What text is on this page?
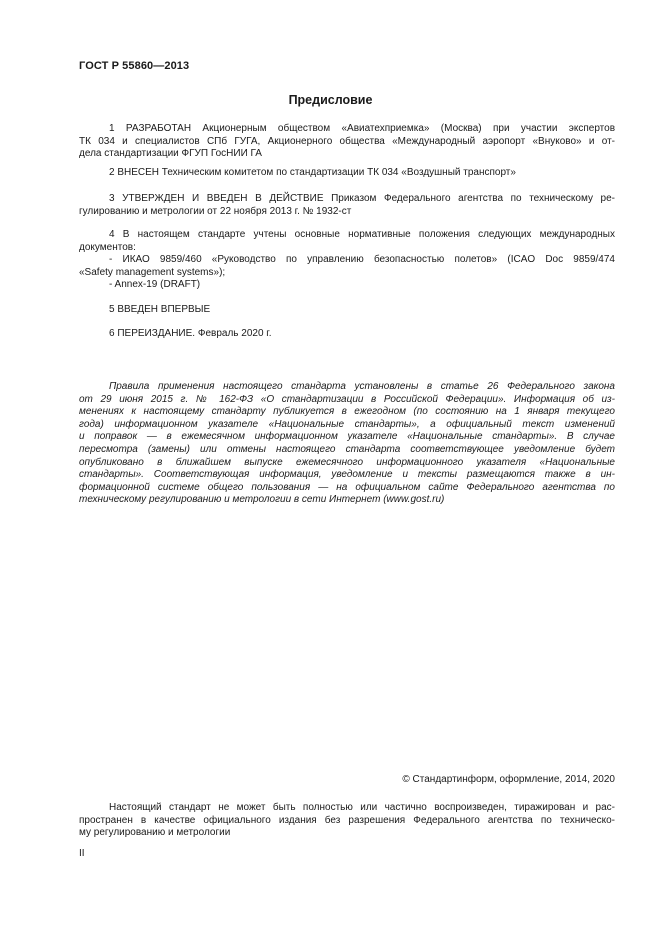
ГОСТ Р 55860—2013
Предисловие
1 РАЗРАБОТАН Акционерным обществом «Авиатехприемка» (Москва) при участии экспертов
ТК 034 и специалистов СПб ГУГА, Акционерного общества «Международный аэропорт «Внуково» и от-
дела стандартизации ФГУП ГосНИИ ГА
2 ВНЕСЕН Техническим комитетом по стандартизации ТК 034 «Воздушный транспорт»
3 УТВЕРЖДЕН И ВВЕДЕН В ДЕЙСТВИЕ Приказом Федерального агентства по техническому ре-
гулированию и метрологии от 22 ноября 2013 г. № 1932-ст
4 В настоящем стандарте учтены основные нормативные положения следующих международных
документов:
- ИКАО 9859/460 «Руководство по управлению безопасностью полетов» (ICAO Doc 9859/474
«Safety management systems»);
- Annex-19 (DRAFT)
5 ВВЕДЕН ВПЕРВЫЕ
6 ПЕРЕИЗДАНИЕ. Февраль 2020 г.
Правила применения настоящего стандарта установлены в статье 26 Федерального закона
от 29 июня 2015 г. № 162-ФЗ «О стандартизации в Российской Федерации». Информация об из-
менениях к настоящему стандарту публикуется в ежегодном (по состоянию на 1 января текущего
года) информационном указателе «Национальные стандарты», а официальный текст изменений
и поправок — в ежемесячном информационном указателе «Национальные стандарты». В случае
пересмотра (замены) или отмены настоящего стандарта соответствующее уведомление будет
опубликовано в ближайшем выпуске ежемесячного информационного указателя «Национальные
стандарты». Соответствующая информация, уведомление и тексты размещаются также в ин-
формационной системе общего пользования — на официальном сайте Федерального агентства по
техническому регулированию и метрологии в сети Интернет (www.gost.ru)
© Стандартинформ, оформление, 2014, 2020
Настоящий стандарт не может быть полностью или частично воспроизведен, тиражирован и рас-
пространен в качестве официального издания без разрешения Федерального агентства по техническо-
му регулированию и метрологии
II
